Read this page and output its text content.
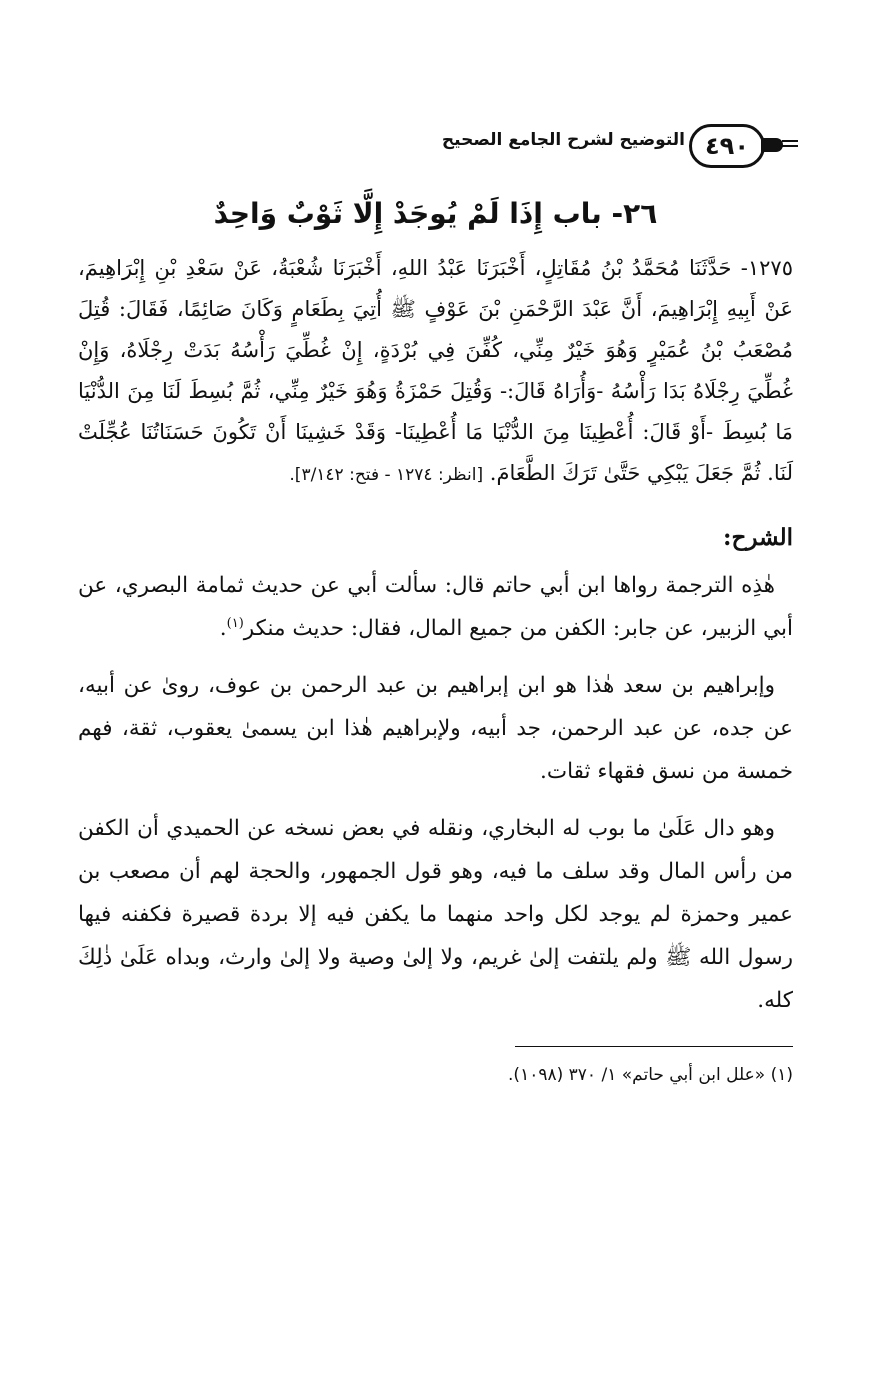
٤٩٠
التوضيح لشرح الجامع الصحيح
٢٦- باب إِذَا لَمْ يُوجَدْ إِلَّا ثَوْبٌ وَاحِدٌ

١٢٧٥- حَدَّثَنَا مُحَمَّدُ بْنُ مُقَاتِلٍ، أَخْبَرَنَا عَبْدُ اللهِ، أَخْبَرَنَا شُعْبَةُ، عَنْ سَعْدِ بْنِ إِبْرَاهِيمَ، عَنْ أَبِيهِ إِبْرَاهِيمَ، أَنَّ عَبْدَ الرَّحْمَنِ بْنَ عَوْفٍ ﷺ أُتِيَ بِطَعَامٍ وَكَانَ صَائِمًا، فَقَالَ: قُتِلَ مُصْعَبُ بْنُ عُمَيْرٍ وَهُوَ خَيْرٌ مِنِّي، كُفِّنَ فِي بُرْدَةٍ، إِنْ غُطِّيَ رَأْسُهُ بَدَتْ رِجْلَاهُ، وَإِنْ غُطِّيَ رِجْلَاهُ بَدَا رَأْسُهُ -وَأُرَاهُ قَالَ:- وَقُتِلَ حَمْزَةُ وَهُوَ خَيْرٌ مِنِّي، ثُمَّ بُسِطَ لَنَا مِنَ الدُّنْيَا مَا بُسِطَ -أَوْ قَالَ: أُعْطِينَا مِنَ الدُّنْيَا مَا أُعْطِينَا- وَقَدْ خَشِينَا أَنْ تَكُونَ حَسَنَاتُنَا عُجِّلَتْ لَنَا. ثُمَّ جَعَلَ يَبْكِي حَتَّىٰ تَرَكَ الطَّعَامَ. [انظر: ١٢٧٤ - فتح: ٣/١٤٢].

الشرح:

هٰذِه الترجمة رواها ابن أبي حاتم قال: سألت أبي عن حديث ثمامة البصري، عن أبي الزبير، عن جابر: الكفن من جميع المال، فقال: حديث منكر$^{(١)}$.

وإبراهيم بن سعد هٰذا هو ابن إبراهيم بن عبد الرحمن بن عوف، روىٰ عن أبيه، عن جده، عن عبد الرحمن، جد أبيه، ولإبراهيم هٰذا ابن يسمىٰ يعقوب، ثقة، فهم خمسة من نسق فقهاء ثقات.

وهو دال عَلَىٰ ما بوب له البخاري، ونقله في بعض نسخه عن الحميدي أن الكفن من رأس المال وقد سلف ما فيه، وهو قول الجمهور، والحجة لهم أن مصعب بن عمير وحمزة لم يوجد لكل واحد منهما ما يكفن فيه إلا بردة قصيرة فكفنه فيها رسول الله ﷺ ولم يلتفت إلىٰ غريم، ولا إلىٰ وصية ولا إلىٰ وارث، وبداه عَلَىٰ ذٰلِكَ كله.

(١) «علل ابن أبي حاتم» ١/ ٣٧٠ (١٠٩٨).
